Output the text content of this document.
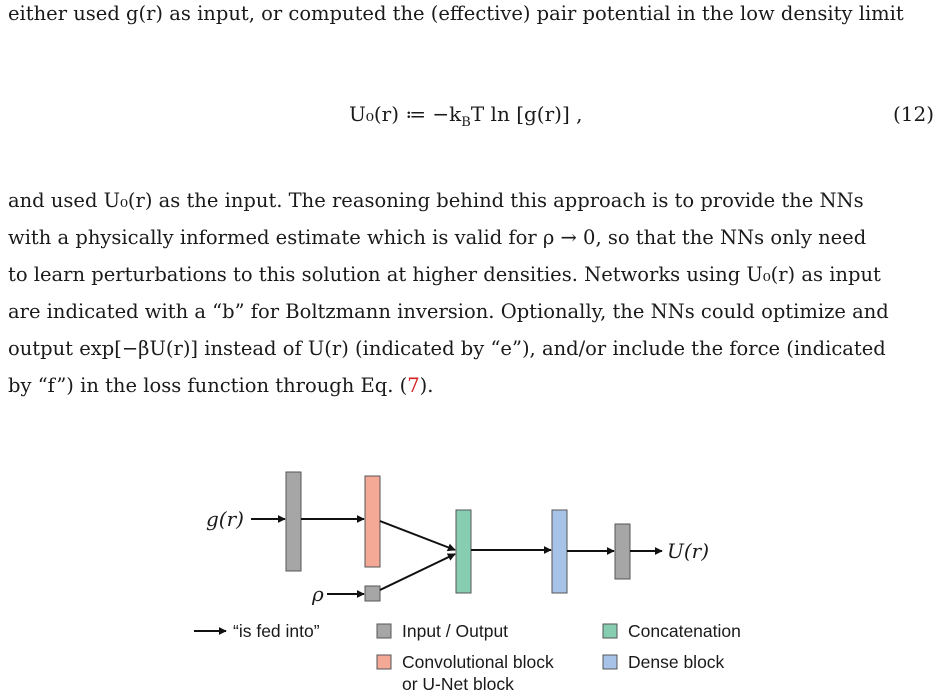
either used g(r) as input, or computed the (effective) pair potential in the low density limit
U₀(r) ≔ $-k_BT$ ln [g(r)] ,	(12)
and used U₀(r) as the input. The reasoning behind this approach is to provide the NNs
with a physically informed estimate which is valid for ρ → 0, so that the NNs only need
to learn perturbations to this solution at higher densities. Networks using U₀(r) as input
are indicated with a “b” for Boltzmann inversion. Optionally, the NNs could optimize and
output exp[−βU(r)] instead of U(r) (indicated by “e”), and/or include the force (indicated
by “f”) in the loss function through Eq. (7).
g(r)
ρ
U(r)
“is fed into”	Input / Output	Concatenation
Convolutional block
or U-Net block
Dense block
